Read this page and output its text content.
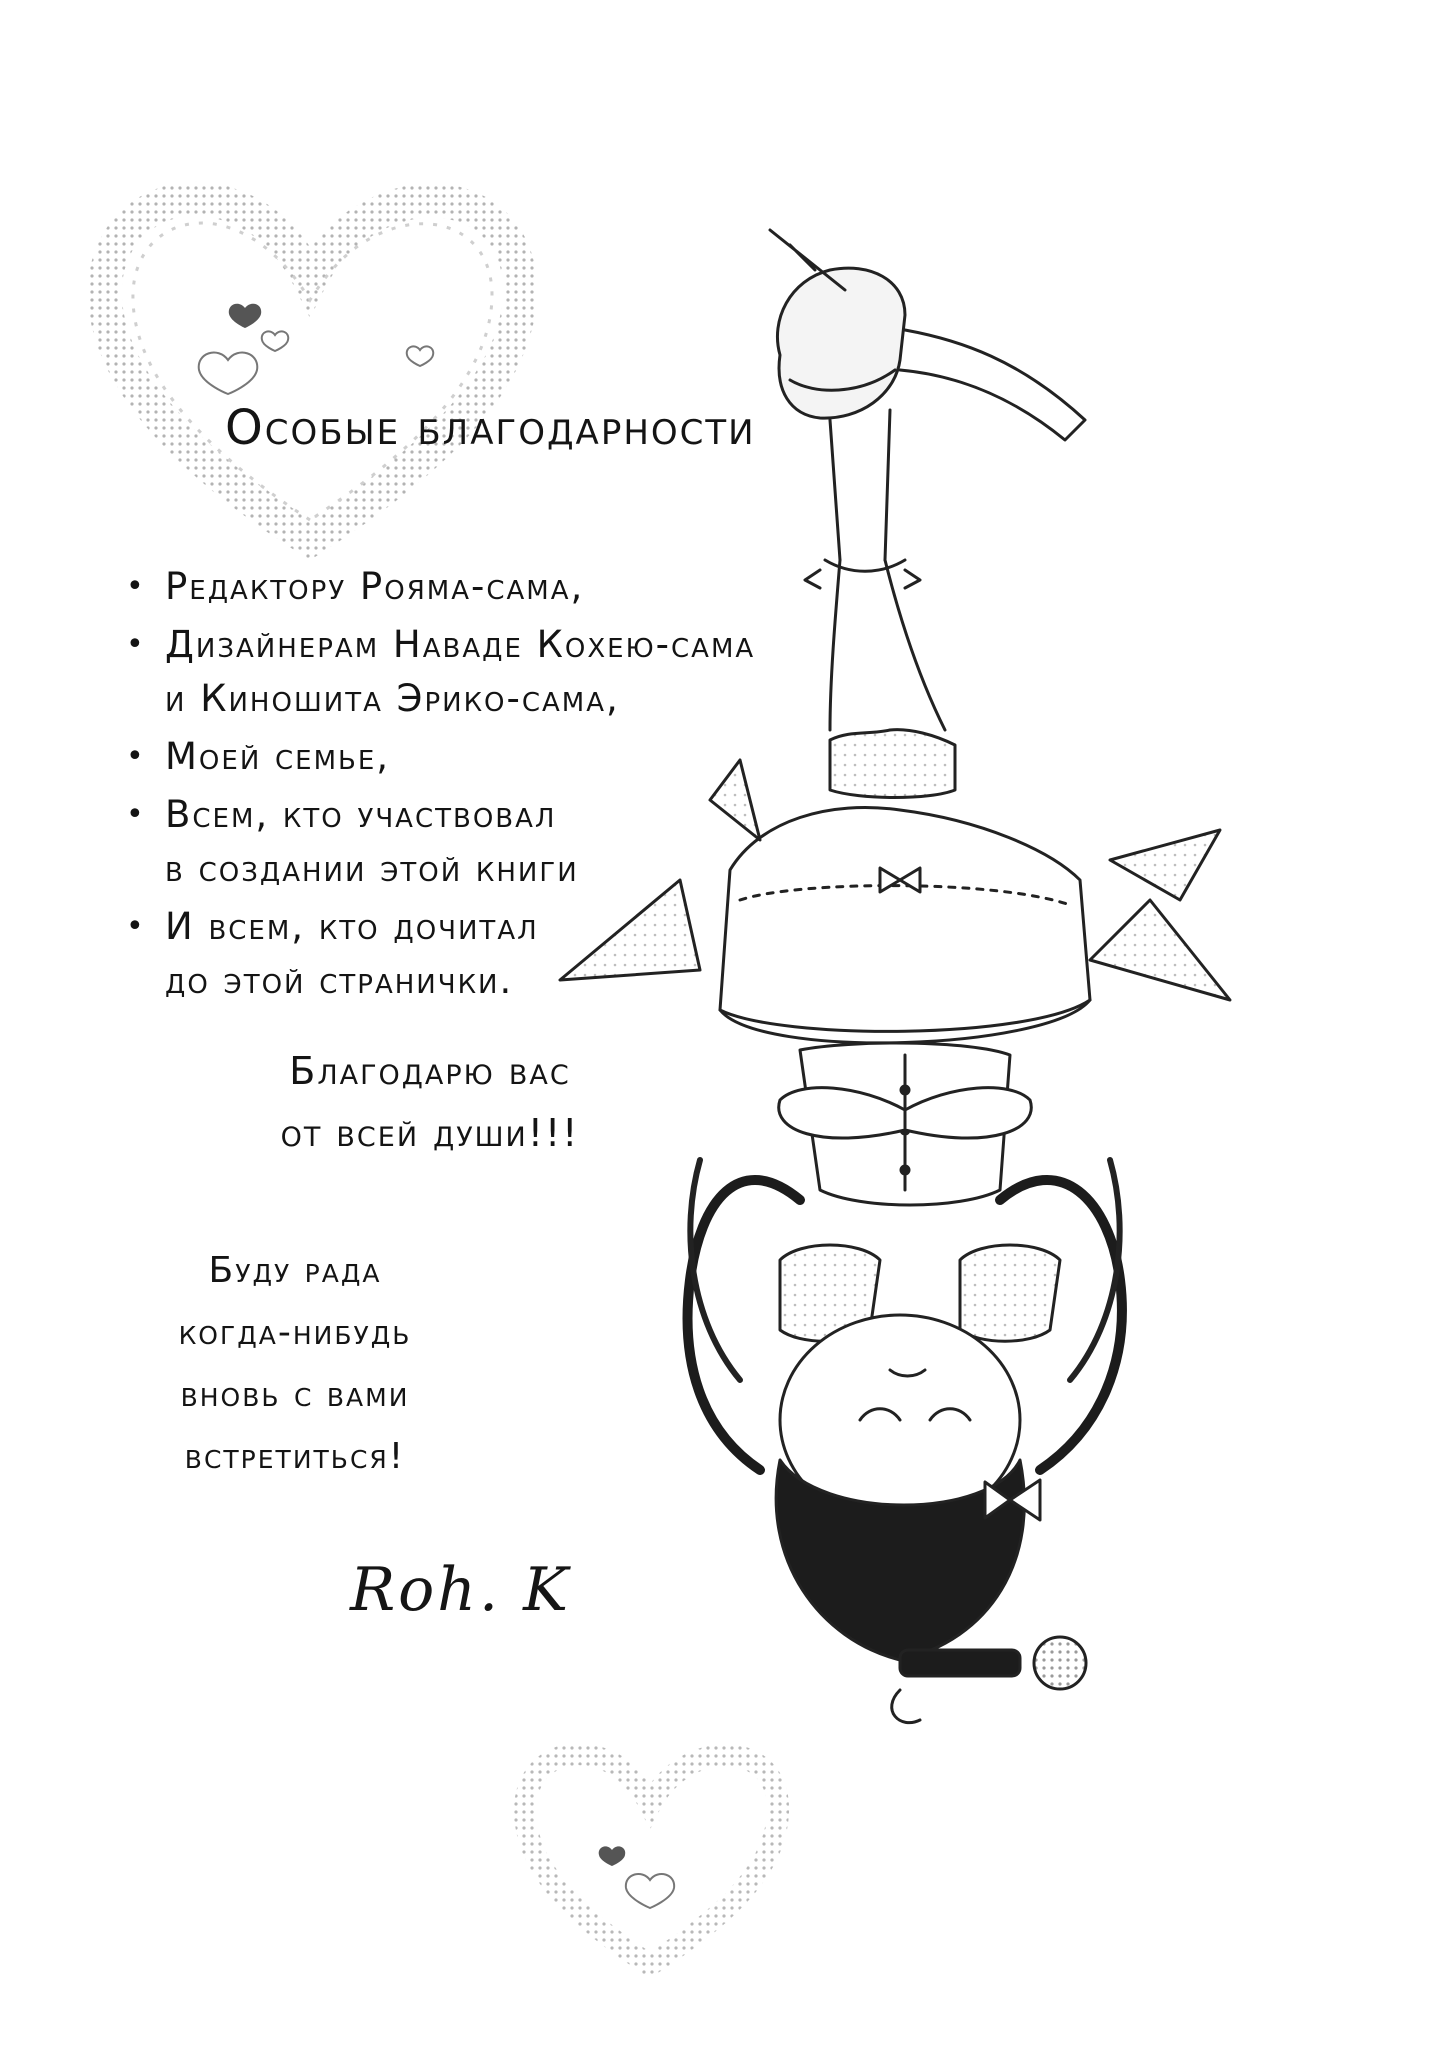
Особые благодарности
• Редактору Рояма-сама,
• Дизайнерам Наваде Кохею-сама
и Киношита Эрико-сама,
• Моей семье,
• Всем, кто участвовал
в создании этой книги
• И всем, кто дочитал
до этой странички.
Благодарю вас
от всей души!!!
Буду рада
когда-нибудь
вновь с вами
встретиться!
Roh. K
